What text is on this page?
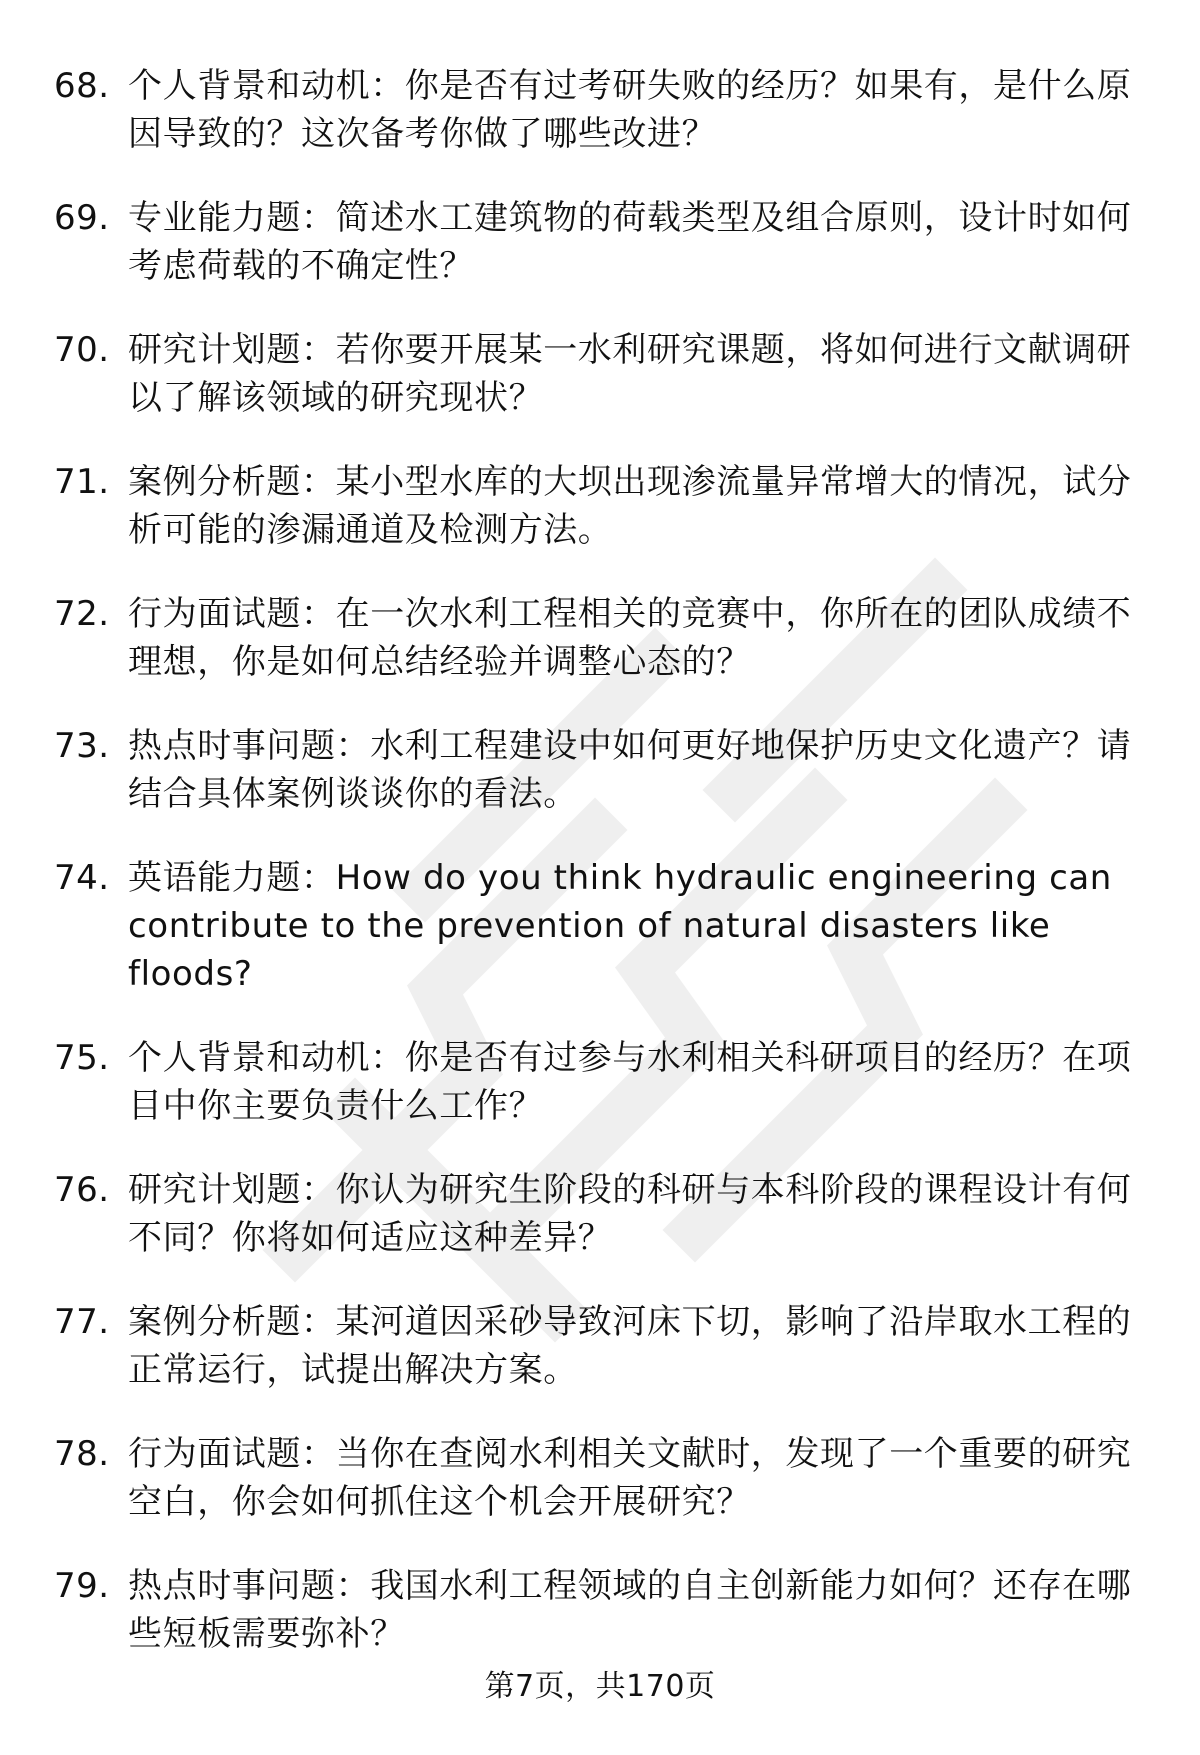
68. 个人背景和动机：你是否有过考研失败的经历？如果有，是什么原因导致的？这次备考你做了哪些改进？
69. 专业能力题：简述水工建筑物的荷载类型及组合原则，设计时如何考虑荷载的不确定性？
70. 研究计划题：若你要开展某一水利研究课题，将如何进行文献调研以了解该领域的研究现状？
71. 案例分析题：某小型水库的大坝出现渗流量异常增大的情况，试分析可能的渗漏通道及检测方法。
72. 行为面试题：在一次水利工程相关的竞赛中，你所在的团队成绩不理想，你是如何总结经验并调整心态的？
73. 热点时事问题：水利工程建设中如何更好地保护历史文化遗产？请结合具体案例谈谈你的看法。
74. 英语能力题：How do you think hydraulic engineering can contribute to the prevention of natural disasters like floods?
75. 个人背景和动机：你是否有过参与水利相关科研项目的经历？在项目中你主要负责什么工作？
76. 研究计划题：你认为研究生阶段的科研与本科阶段的课程设计有何不同？你将如何适应这种差异？
77. 案例分析题：某河道因采砂导致河床下切，影响了沿岸取水工程的正常运行，试提出解决方案。
78. 行为面试题：当你在查阅水利相关文献时，发现了一个重要的研究空白，你会如何抓住这个机会开展研究？
79. 热点时事问题：我国水利工程领域的自主创新能力如何？还存在哪些短板需要弥补？
第7页，共170页
